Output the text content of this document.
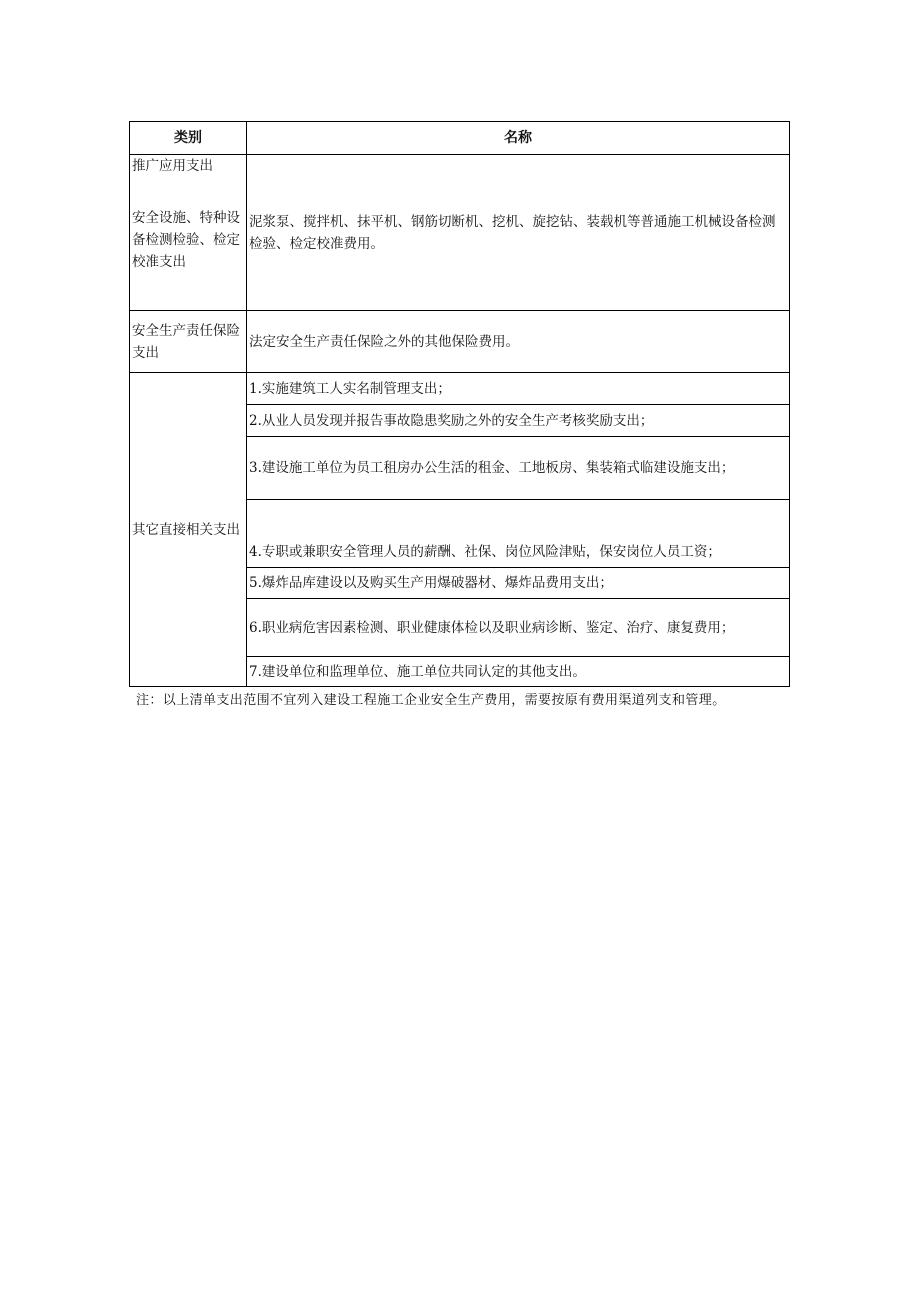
类别	名称

推广应用支出
安全设施、特种设备检测检验、检定校准支出	泥浆泵、搅拌机、抹平机、钢筋切断机、挖机、旋挖钻、装载机等普通施工机械设备检测检验、检定校准费用。
安全生产责任保险支出	法定安全生产责任保险之外的其他保险费用。
其它直接相关支出	1.实施建筑工人实名制管理支出；
	2.从业人员发现并报告事故隐患奖励之外的安全生产考核奖励支出；
	3.建设施工单位为员工租房办公生活的租金、工地板房、集装箱式临建设施支出；
	4.专职或兼职安全管理人员的薪酬、社保、岗位风险津贴，保安岗位人员工资；
	5.爆炸品库建设以及购买生产用爆破器材、爆炸品费用支出；
	6.职业病危害因素检测、职业健康体检以及职业病诊断、鉴定、治疗、康复费用；
	7.建设单位和监理单位、施工单位共同认定的其他支出。
注：以上清单支出范围不宜列入建设工程施工企业安全生产费用，需要按原有费用渠道列支和管理。
